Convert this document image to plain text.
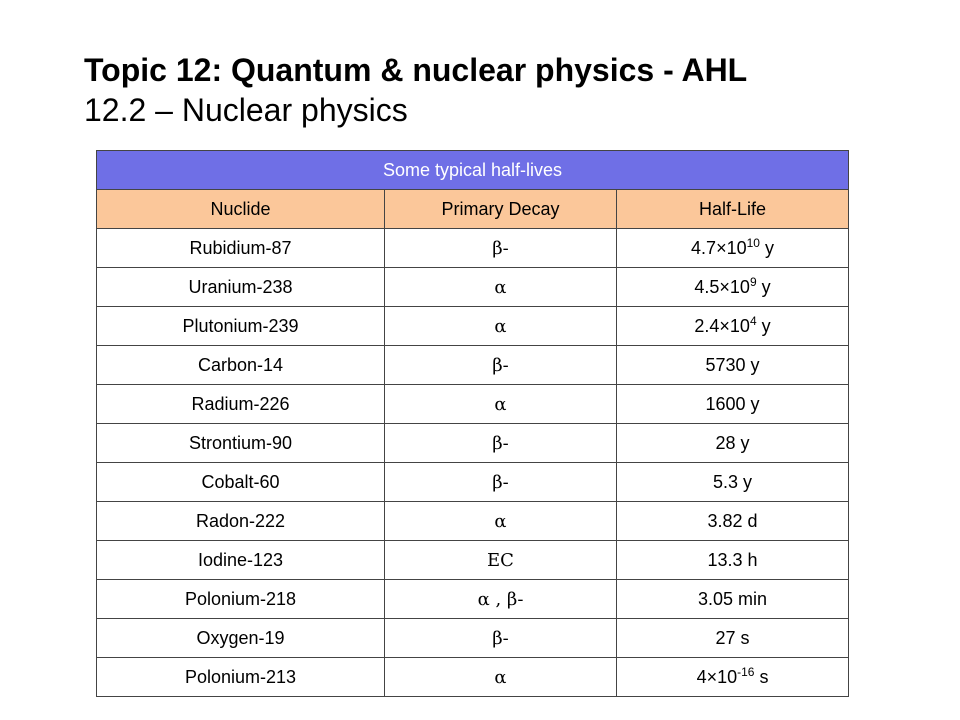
Topic 12: Quantum & nuclear physics - AHL

12.2 – Nuclear physics

Some typical half-lives		
Nuclide	Primary Decay	Half-Life
Rubidium-87	β-	$4.7\times 10^{10}$ y
Uranium-238	α	$4.5\times 10^9$ y
Plutonium-239	α	$2.4\times 10^4$ y
Carbon-14	β-	5730 y
Radium-226	α	1600 y
Strontium-90	β-	28 y
Cobalt-60	β-	5.3 y
Radon-222	α	3.82 d
Iodine-123	EC	13.3 h
Polonium-218	α , β-	3.05 min
Oxygen-19	β-	27 s
Polonium-213	α	$4\times 10^{-16}$ s
